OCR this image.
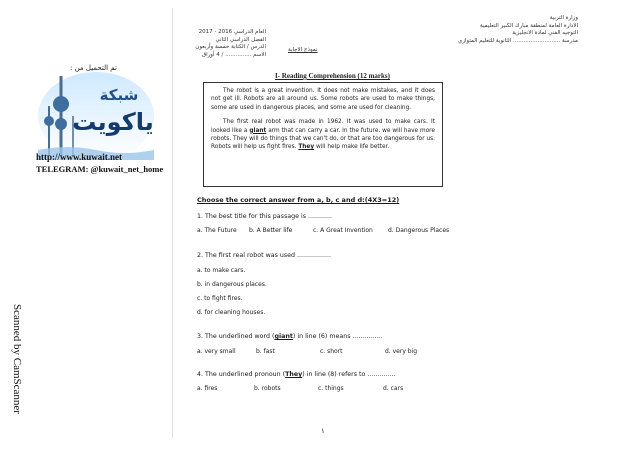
Scanned by CamScanner
تم التحميل من :
شبكة
ياكويت
http://www.kuwait.net
TELEGRAM: @kuwait_net_home
وزارة التربية
الادارة العامة لمنطقة مبارك الكبير التعليمية
التوجيه الفني لمادة الانجليزية
مدرسة ........................... الثانوية للتعليم المتوازي
العام الدراسي 2016 - 2017
الفصل الدراسي الثاني
الدرس / الكتابة خمسة وأربعون
الاسم ............... / 4 أوراق
نموذج الاجابة
I- Reading Comprehension (12 marks)

The robot is a great invention. It does not make mistakes, and it does not get ill. Robots are all around us. Some robots are used to make things, some are used in dangerous places, and some are used for cleaning.

The first real robot was made in 1962. It was used to make cars. It looked like a giant arm that can carry a car. In the future, we will have more robots. They will do things that we can't do, or that are too dangerous for us. Robots will help us fight fires. They will help make life better.

Choose the correct answer from a, b, c and d:(4X3=12)
1. The best title for this passage is ............
a. The Future b. A Better life	c. A Great Invention	d. Dangerous Places
2. The first real robot was used .................
a. to make cars.
b. in dangerous places.
c. to fight fires.
d. for cleaning houses.
3. The underlined word (giant) in line (6) means ...............
a. very small	b. fast	c. short	d. very big
4. The underlined pronoun (They) in line (8) refers to ..............
a. fires	b. robots	c. things	d. cars
١
